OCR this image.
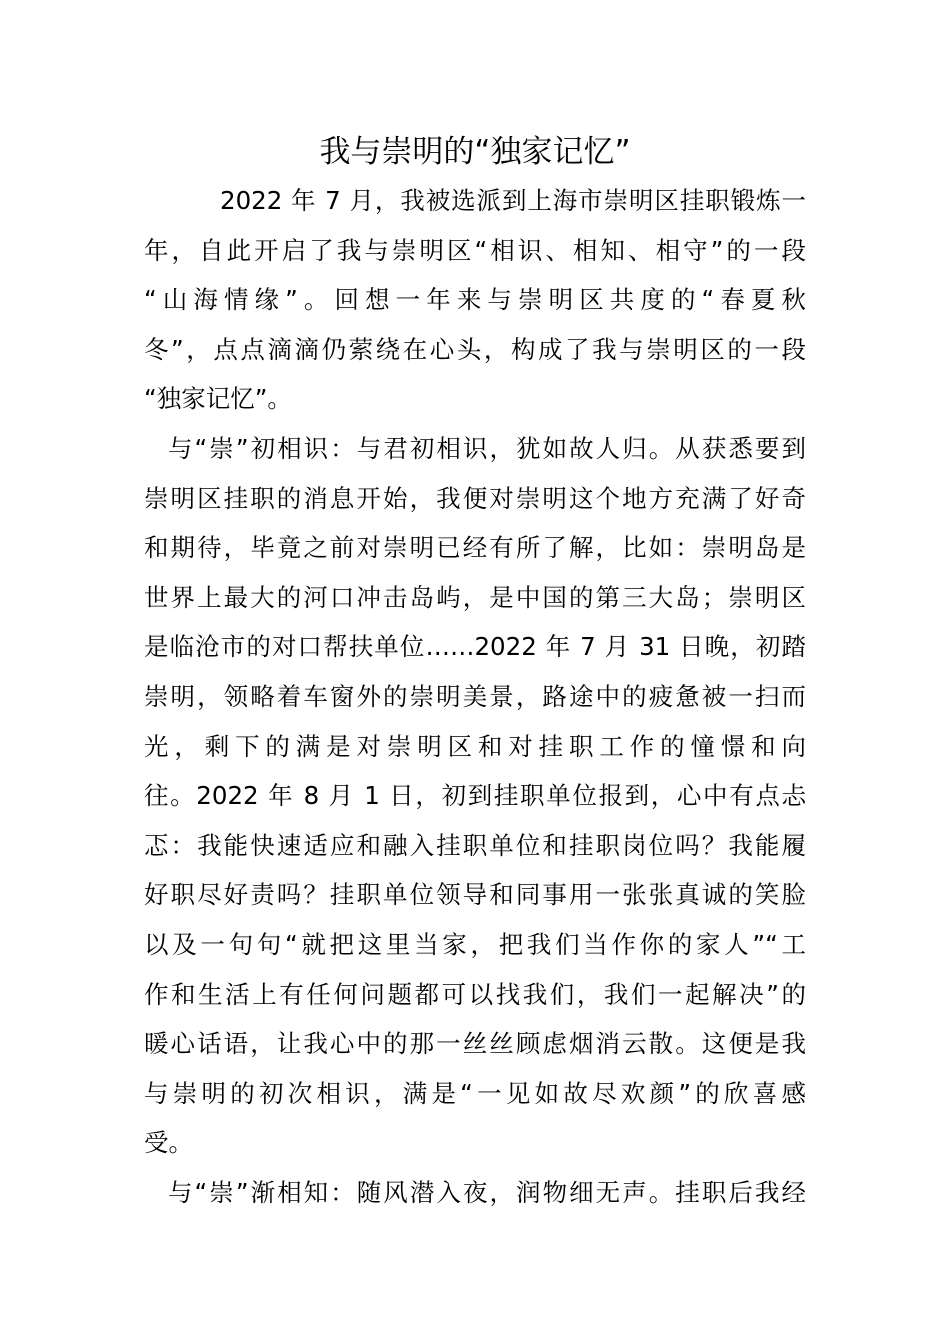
我与崇明的“独家记忆”
2022 年 7 月，我被选派到上海市崇明区挂职锻炼一
年，自此开启了我与崇明区“相识、相知、相守”的一段
“山海情缘”。回想一年来与崇明区共度的“春夏秋
冬”，点点滴滴仍萦绕在心头，构成了我与崇明区的一段
“独家记忆”。
与“崇”初相识：与君初相识，犹如故人归。从获悉要到
崇明区挂职的消息开始，我便对崇明这个地方充满了好奇
和期待，毕竟之前对崇明已经有所了解，比如：崇明岛是
世界上最大的河口冲击岛屿，是中国的第三大岛；崇明区
是临沧市的对口帮扶单位……2022 年 7 月 31 日晚，初踏
崇明，领略着车窗外的崇明美景，路途中的疲惫被一扫而
光，剩下的满是对崇明区和对挂职工作的憧憬和向
往。2022 年 8 月 1 日，初到挂职单位报到，心中有点忐
忑：我能快速适应和融入挂职单位和挂职岗位吗？我能履
好职尽好责吗？挂职单位领导和同事用一张张真诚的笑脸
以及一句句“就把这里当家，把我们当作你的家人”“工
作和生活上有任何问题都可以找我们，我们一起解决”的
暖心话语，让我心中的那一丝丝顾虑烟消云散。这便是我
与崇明的初次相识，满是“一见如故尽欢颜”的欣喜感
受。
与“崇”渐相知：随风潜入夜，润物细无声。挂职后我经
